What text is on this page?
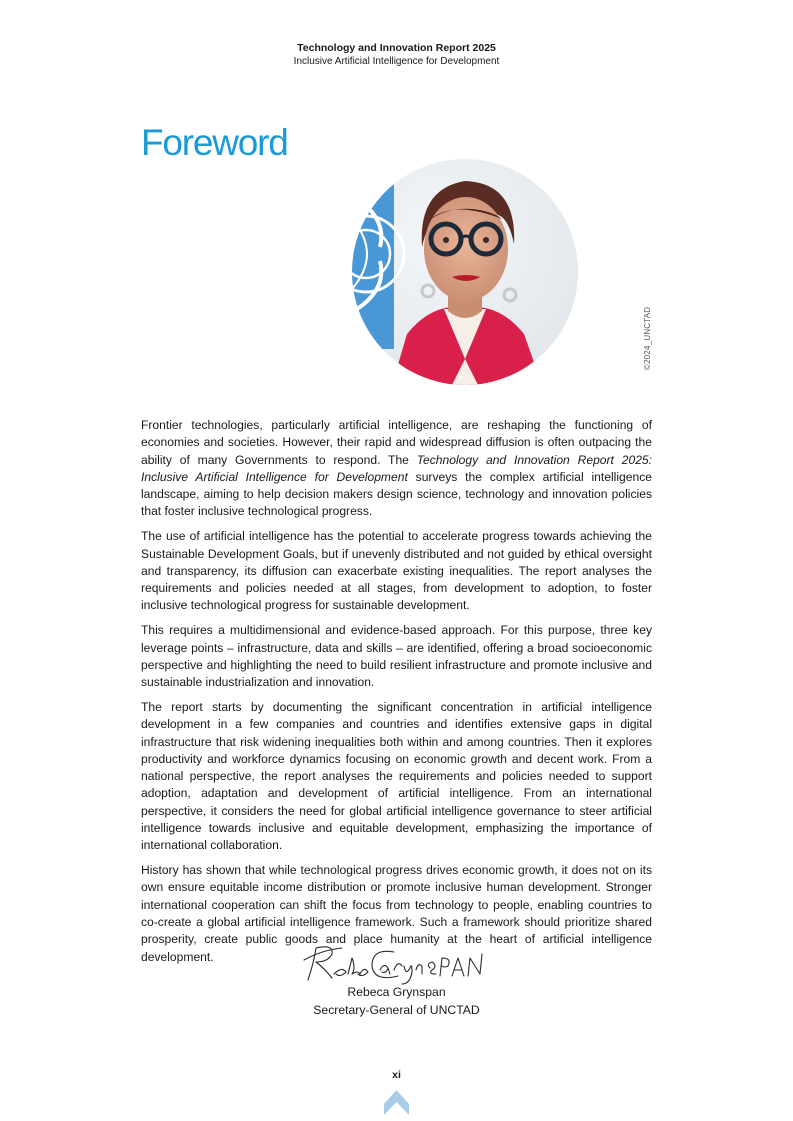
Technology and Innovation Report 2025
Inclusive Artificial Intelligence for Development
Foreword
©2024_UNCTAD

Frontier technologies, particularly artificial intelligence, are reshaping the functioning of economies and societies. However, their rapid and widespread diffusion is often outpacing the ability of many Governments to respond. The Technology and Innovation Report 2025: Inclusive Artificial Intelligence for Development surveys the complex artificial intelligence landscape, aiming to help decision makers design science, technology and innovation policies that foster inclusive technological progress.

The use of artificial intelligence has the potential to accelerate progress towards achieving the Sustainable Development Goals, but if unevenly distributed and not guided by ethical oversight and transparency, its diffusion can exacerbate existing inequalities. The report analyses the requirements and policies needed at all stages, from development to adoption, to foster inclusive technological progress for sustainable development.

This requires a multidimensional and evidence-based approach. For this purpose, three key leverage points – infrastructure, data and skills – are identified, offering a broad socioeconomic perspective and highlighting the need to build resilient infrastructure and promote inclusive and sustainable industrialization and innovation.

The report starts by documenting the significant concentration in artificial intelligence development in a few companies and countries and identifies extensive gaps in digital infrastructure that risk widening inequalities both within and among countries. Then it explores productivity and workforce dynamics focusing on economic growth and decent work. From a national perspective, the report analyses the requirements and policies needed to support adoption, adaptation and development of artificial intelligence. From an international perspective, it considers the need for global artificial intelligence governance to steer artificial intelligence towards inclusive and equitable development, emphasizing the importance of international collaboration.

History has shown that while technological progress drives economic growth, it does not on its own ensure equitable income distribution or promote inclusive human development. Stronger international cooperation can shift the focus from technology to people, enabling countries to co-create a global artificial intelligence framework. Such a framework should prioritize shared prosperity, create public goods and place humanity at the heart of artificial intelligence development.

Rebeca Grynspan
Secretary-General of UNCTAD
xi
